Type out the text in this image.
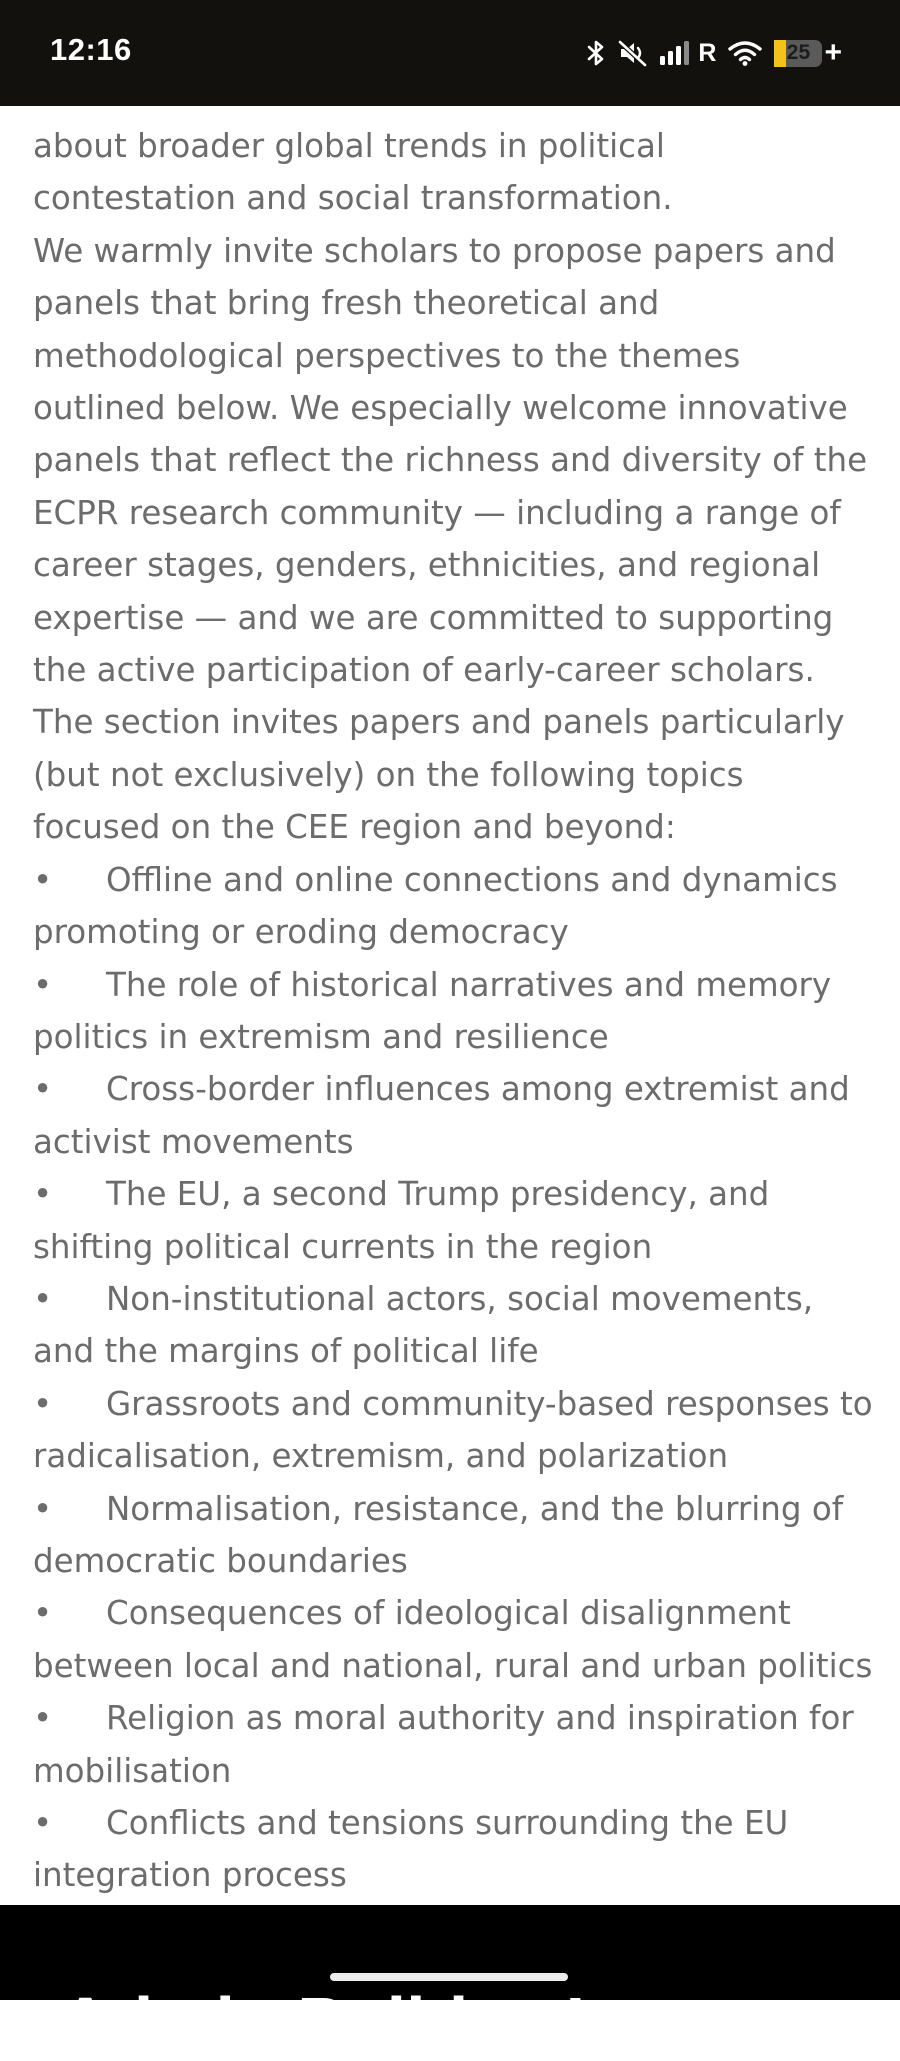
12:16	R	25 +

about broader global trends in political contestation and social transformation.

We warmly invite scholars to propose papers and panels that bring fresh theoretical and methodological perspectives to the themes outlined below. We especially welcome innovative panels that reflect the richness and diversity of the ECPR research community — including a range of career stages, genders, ethnicities, and regional expertise — and we are committed to supporting the active participation of early-career scholars.

The section invites papers and panels particularly (but not exclusively) on the following topics focused on the CEE region and beyond:

• Offline and online connections and dynamics promoting or eroding democracy
• The role of historical narratives and memory politics in extremism and resilience
• Cross-border influences among extremist and activist movements
• The EU, a second Trump presidency, and shifting political currents in the region
• Non-institutional actors, social movements, and the margins of political life
• Grassroots and community-based responses to radicalisation, extremism, and polarization
• Normalisation, resistance, and the blurring of democratic boundaries
• Consequences of ideological disalignment between local and national, rural and urban politics
• Religion as moral authority and inspiration for mobilisation
• Conflicts and tensions surrounding the EU integration process
Admin Politics L
